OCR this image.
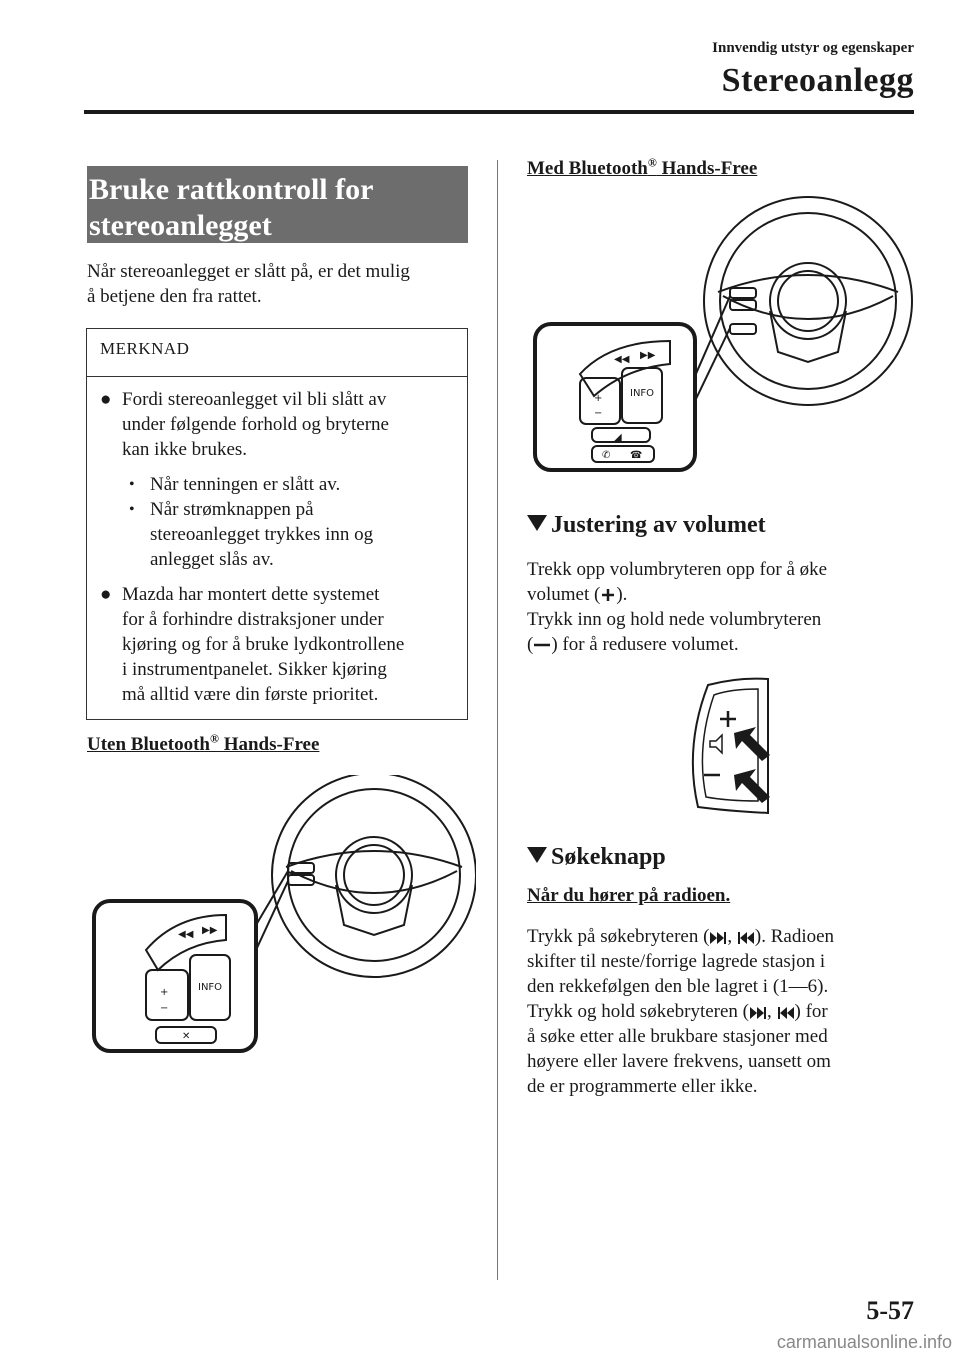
Innvendig utstyr og egenskaper
Stereoanlegg
Bruke rattkontroll for
stereoanlegget
Når stereoanlegget er slått på, er det mulig
å betjene den fra rattet.
MERKNAD
● Fordi stereoanlegget vil bli slått av
under følgende forhold og bryterne
kan ikke brukes.
• Når tenningen er slått av.
• Når strømknappen på
stereoanlegget trykkes inn og
anlegget slås av.
● Mazda har montert dette systemet
for å forhindre distraksjoner under
kjøring og for å bruke lydkontrollene
i instrumentpanelet. Sikker kjøring
må alltid være din første prioritet.
Uten Bluetooth® Hands-Free
◀◀ ▶▶
+
−
INFO
✕
Med Bluetooth® Hands-Free
◀◀ ▶▶
+
−
INFO
◢
✆ ☎
Justering av volumet
Trekk opp volumbryteren opp for å øke
volumet ( ).
Trykk inn og hold nede volumbryteren
( ) for å redusere volumet.
Søkeknapp
Når du hører på radioen.
Trykk på søkebryteren ( , ). Radioen
skifter til neste/forrige lagrede stasjon i
den rekkefølgen den ble lagret i (1―6).
Trykk og hold søkebryteren ( , ) for
å søke etter alle brukbare stasjoner med
høyere eller lavere frekvens, uansett om
de er programmerte eller ikke.
5-57
carmanualsonline.info
